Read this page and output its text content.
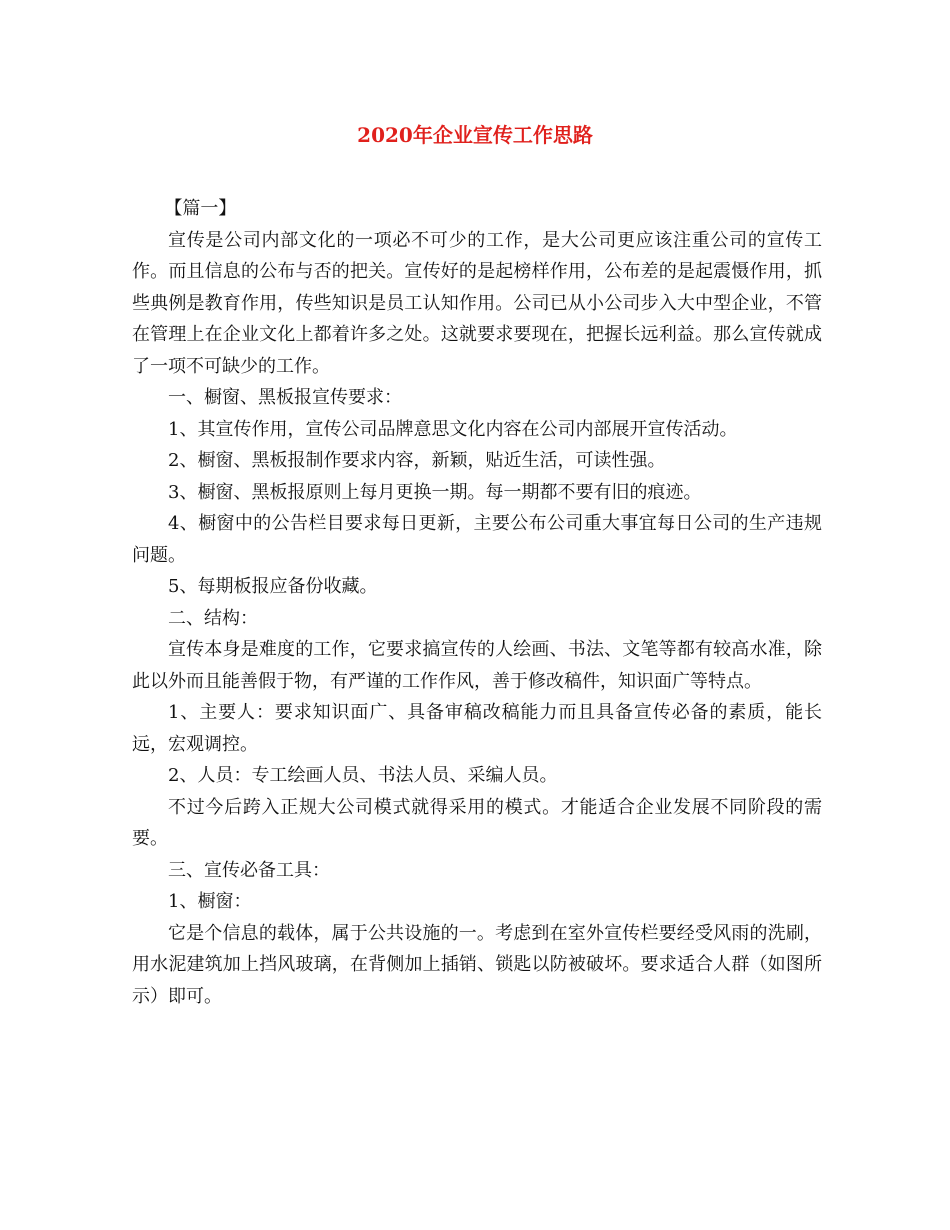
2020年企业宣传工作思路

【篇一】

宣传是公司内部文化的一项必不可少的工作，是大公司更应该注重公司的宣传工作。而且信息的公布与否的把关。宣传好的是起榜样作用，公布差的是起震慑作用，抓些典例是教育作用，传些知识是员工认知作用。公司已从小公司步入大中型企业，不管在管理上在企业文化上都着许多之处。这就要求要现在，把握长远利益。那么宣传就成了一项不可缺少的工作。

一、橱窗、黑板报宣传要求：

1、其宣传作用，宣传公司品牌意思文化内容在公司内部展开宣传活动。

2、橱窗、黑板报制作要求内容，新颖，贴近生活，可读性强。

3、橱窗、黑板报原则上每月更换一期。每一期都不要有旧的痕迹。

4、橱窗中的公告栏目要求每日更新，主要公布公司重大事宜每日公司的生产违规问题。

5、每期板报应备份收藏。

二、结构：

宣传本身是难度的工作，它要求搞宣传的人绘画、书法、文笔等都有较高水准，除此以外而且能善假于物，有严谨的工作作风，善于修改稿件，知识面广等特点。

1、主要人：要求知识面广、具备审稿改稿能力而且具备宣传必备的素质，能长远，宏观调控。

2、人员：专工绘画人员、书法人员、采编人员。

不过今后跨入正规大公司模式就得采用的模式。才能适合企业发展不同阶段的需要。

三、宣传必备工具：

1、橱窗：

它是个信息的载体，属于公共设施的一。考虑到在室外宣传栏要经受风雨的洗刷，用水泥建筑加上挡风玻璃，在背侧加上插销、锁匙以防被破坏。要求适合人群（如图所示）即可。
